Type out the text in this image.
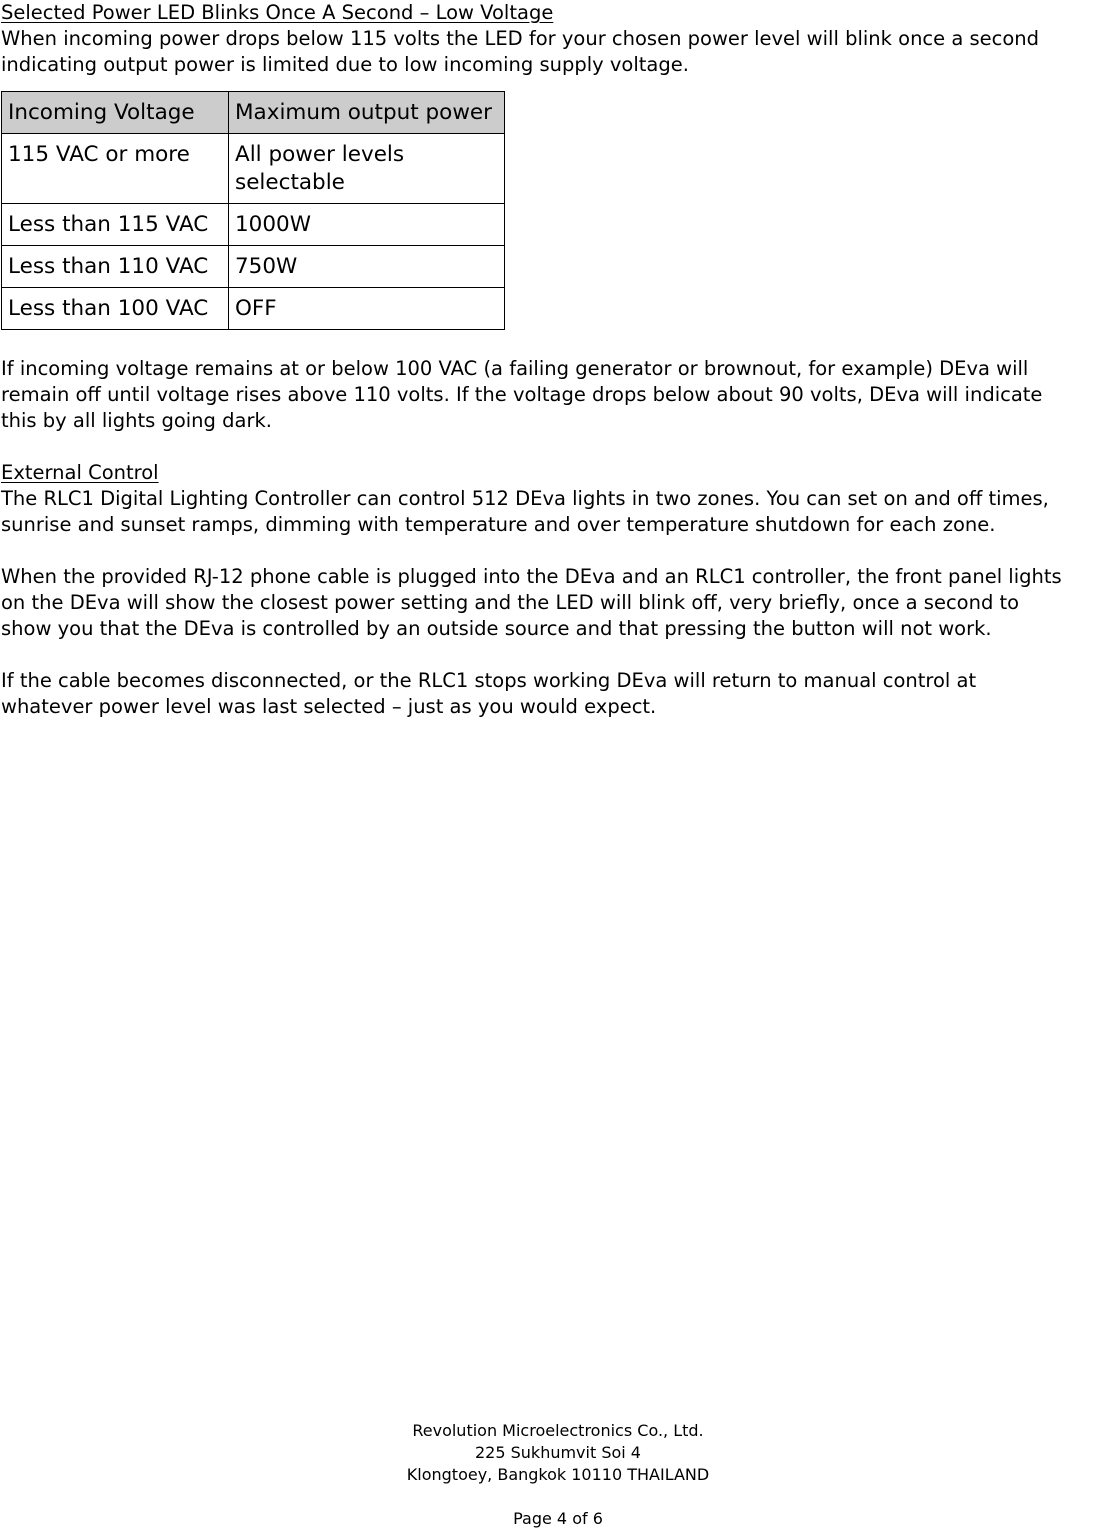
Selected Power LED Blinks Once A Second – Low Voltage

When incoming power drops below 115 volts the LED for your chosen power level will blink once a second

indicating output power is limited due to low incoming supply voltage.

Incoming Voltage	Maximum output power
115 VAC or more	All power levels selectable
Less than 115 VAC	1000W
Less than 110 VAC	750W
Less than 100 VAC	OFF

If incoming voltage remains at or below 100 VAC (a failing generator or brownout, for example) DEva will

remain off until voltage rises above 110 volts. If the voltage drops below about 90 volts, DEva will indicate

this by all lights going dark.

External Control

The RLC1 Digital Lighting Controller can control 512 DEva lights in two zones. You can set on and off times,

sunrise and sunset ramps, dimming with temperature and over temperature shutdown for each zone.

When the provided RJ-12 phone cable is plugged into the DEva and an RLC1 controller, the front panel lights

on the DEva will show the closest power setting and the LED will blink off, very briefly, once a second to

show you that the DEva is controlled by an outside source and that pressing the button will not work.

If the cable becomes disconnected, or the RLC1 stops working DEva will return to manual control at

whatever power level was last selected – just as you would expect.

Revolution Microelectronics Co., Ltd.
225 Sukhumvit Soi 4
Klongtoey, Bangkok 10110 THAILAND
Page 4 of 6
